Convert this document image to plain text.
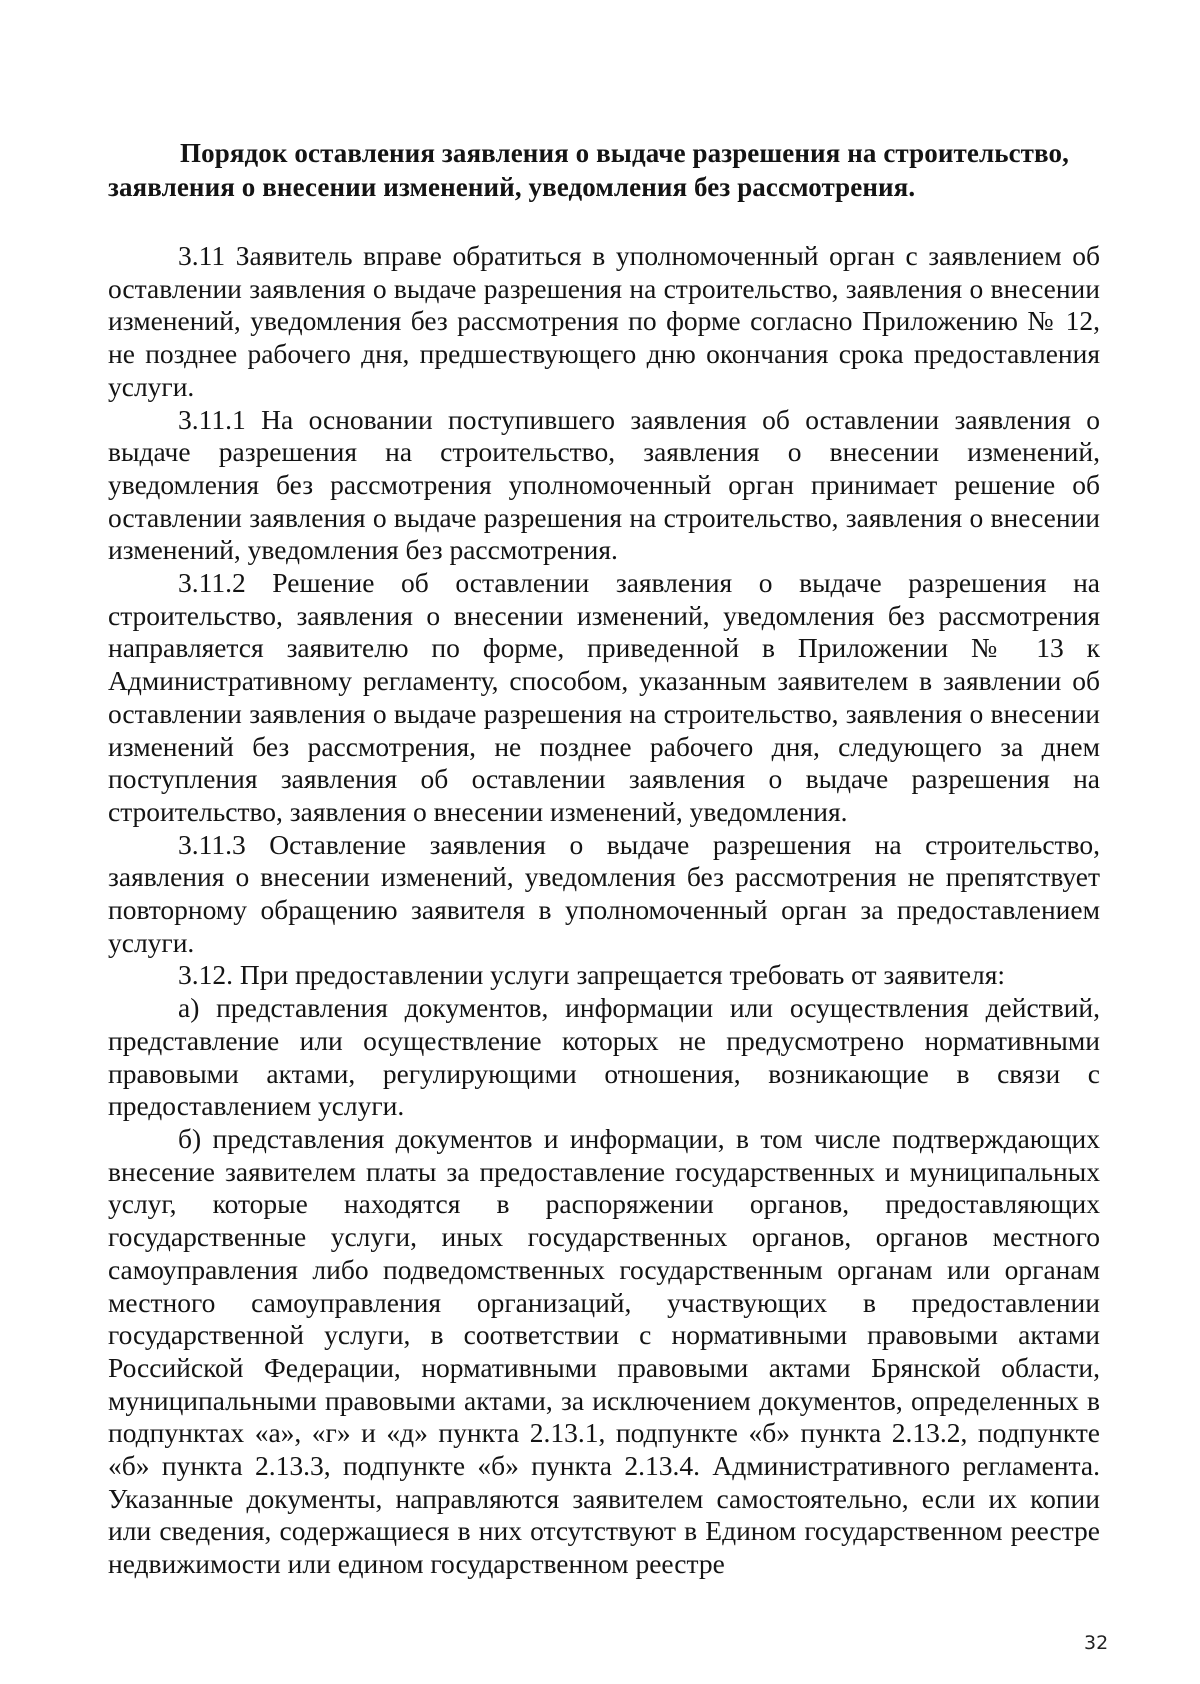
Порядок оставления заявления о выдаче разрешения на строительство,
заявления о внесении изменений, уведомления без рассмотрения.

3.11 Заявитель вправе обратиться в уполномоченный орган с заявлением об оставлении заявления о выдаче разрешения на строительство, заявления о внесении изменений, уведомления без рассмотрения по форме согласно Приложению № 12, не позднее рабочего дня, предшествующего дню окончания срока предоставления услуги.

3.11.1 На основании поступившего заявления об оставлении заявления о выдаче разрешения на строительство, заявления о внесении изменений, уведомления без рассмотрения уполномоченный орган принимает решение об оставлении заявления о выдаче разрешения на строительство, заявления о внесении изменений, уведомления без рассмотрения.

3.11.2 Решение об оставлении заявления о выдаче разрешения на строительство, заявления о внесении изменений, уведомления без рассмотрения направляется заявителю по форме, приведенной в Приложении № 13 к Административному регламенту, способом, указанным заявителем в заявлении об оставлении заявления о выдаче разрешения на строительство, заявления о внесении изменений без рассмотрения, не позднее рабочего дня, следующего за днем поступления заявления об оставлении заявления о выдаче разрешения на строительство, заявления о внесении изменений, уведомления.

3.11.3 Оставление заявления о выдаче разрешения на строительство, заявления о внесении изменений, уведомления без рассмотрения не препятствует повторному обращению заявителя в уполномоченный орган за предоставлением услуги.

3.12. При предоставлении услуги запрещается требовать от заявителя:

а) представления документов, информации или осуществления действий, представление или осуществление которых не предусмотрено нормативными правовыми актами, регулирующими отношения, возникающие в связи с предоставлением услуги.

б) представления документов и информации, в том числе подтверждающих внесение заявителем платы за предоставление государственных и муниципальных услуг, которые находятся в распоряжении органов, предоставляющих государственные услуги, иных государственных органов, органов местного самоуправления либо подведомственных государственным органам или органам местного самоуправления организаций, участвующих в предоставлении государственной услуги, в соответствии с нормативными правовыми актами Российской Федерации, нормативными правовыми актами Брянской области, муниципальными правовыми актами, за исключением документов, определенных в подпунктах «а», «г» и «д» пункта 2.13.1, подпункте «б» пункта 2.13.2, подпункте «б» пункта 2.13.3, подпункте «б» пункта 2.13.4. Административного регламента. Указанные документы, направляются заявителем самостоятельно, если их копии или сведения, содержащиеся в них отсутствуют в Едином государственном реестре недвижимости или едином государственном реестре

32
